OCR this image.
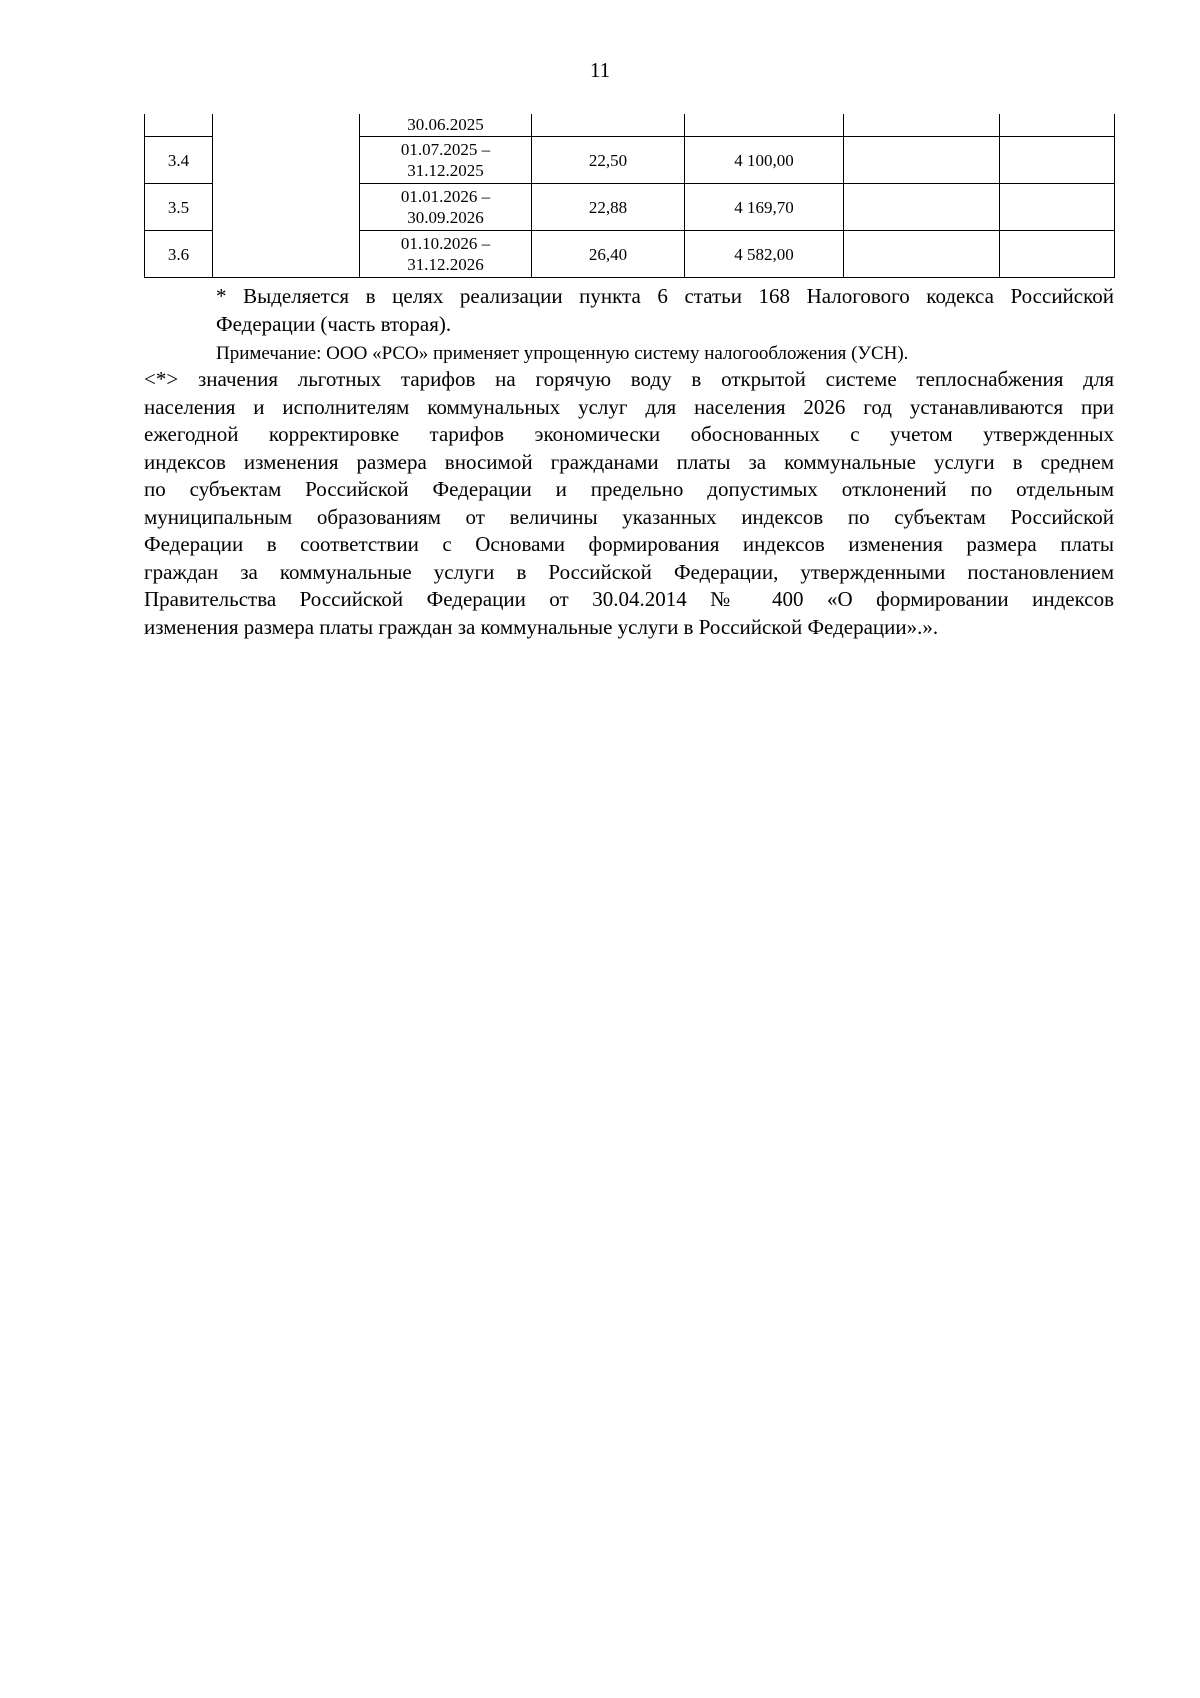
11
		30.06.2025				
3.4		01.07.2025 –
31.12.2025	22,50	4 100,00		
3.5		01.01.2026 –
30.09.2026	22,88	4 169,70		
3.6		01.10.2026 –
31.12.2026	26,40	4 582,00		
* Выделяется в целях реализации пункта 6 статьи 168 Налогового кодекса Российской
Федерации (часть вторая).
Примечание: ООО «РСО» применяет упрощенную систему налогообложения (УСН).
<*> значения льготных тарифов на горячую воду в открытой системе теплоснабжения для
населения и исполнителям коммунальных услуг для населения 2026 год устанавливаются при
ежегодной корректировке тарифов экономически обоснованных с учетом утвержденных
индексов изменения размера вносимой гражданами платы за коммунальные услуги в среднем
по субъектам Российской Федерации и предельно допустимых отклонений по отдельным
муниципальным образованиям от величины указанных индексов по субъектам Российской
Федерации в соответствии с Основами формирования индексов изменения размера платы
граждан за коммунальные услуги в Российской Федерации, утвержденными постановлением
Правительства Российской Федерации от 30.04.2014 № 400 «О формировании индексов
изменения размера платы граждан за коммунальные услуги в Российской Федерации».».
